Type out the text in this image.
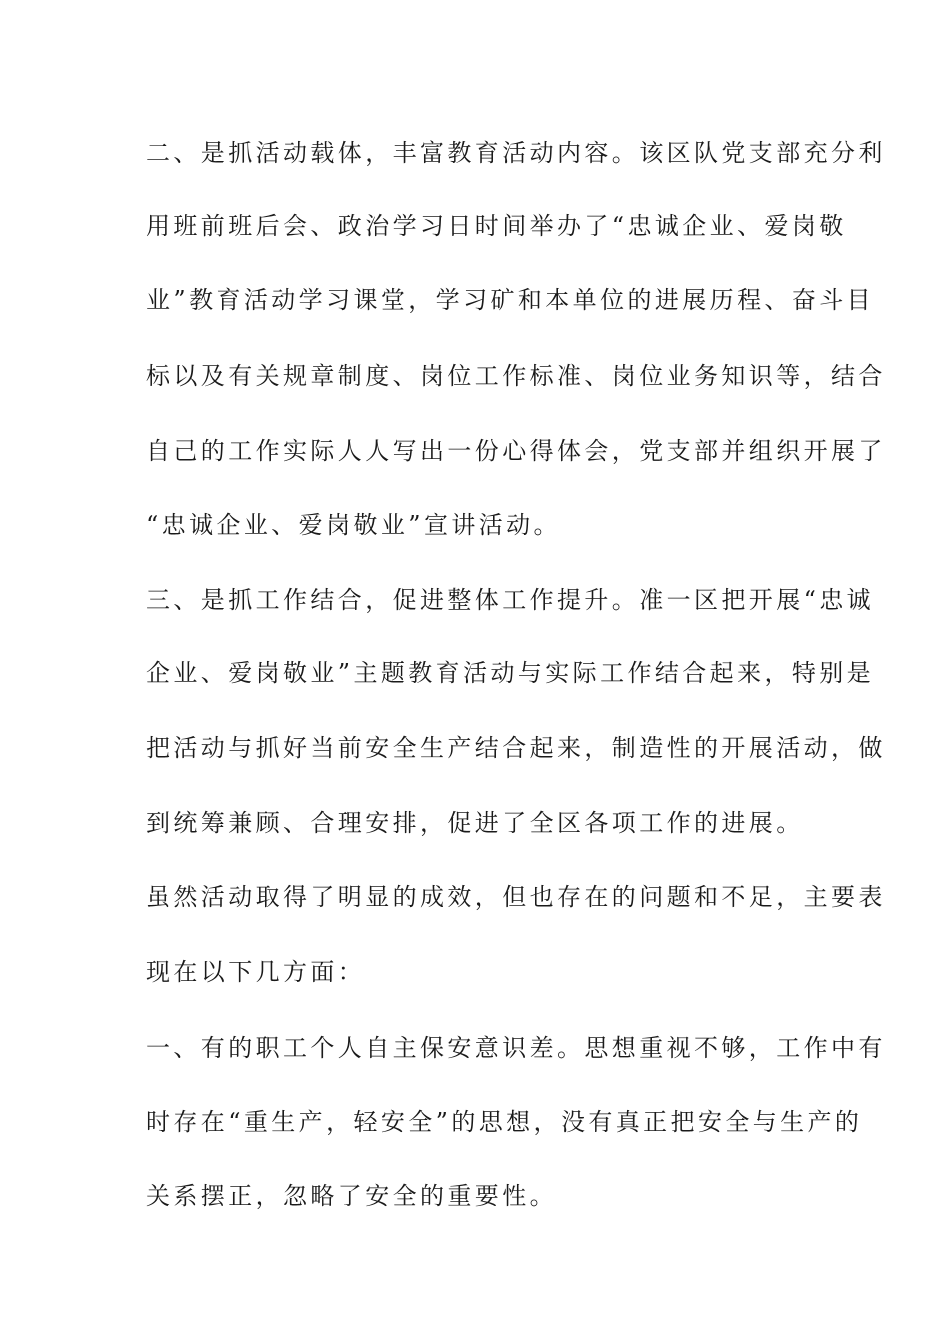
二、是抓活动载体，丰富教育活动内容。该区队党支部充分利
用班前班后会、政治学习日时间举办了“忠诚企业、爱岗敬
业”教育活动学习课堂，学习矿和本单位的进展历程、奋斗目
标以及有关规章制度、岗位工作标准、岗位业务知识等，结合
自己的工作实际人人写出一份心得体会，党支部并组织开展了
“忠诚企业、爱岗敬业”宣讲活动。
三、是抓工作结合，促进整体工作提升。准一区把开展“忠诚
企业、爱岗敬业”主题教育活动与实际工作结合起来，特别是
把活动与抓好当前安全生产结合起来，制造性的开展活动，做
到统筹兼顾、合理安排，促进了全区各项工作的进展。
虽然活动取得了明显的成效，但也存在的问题和不足，主要表
现在以下几方面：
一、有的职工个人自主保安意识差。思想重视不够，工作中有
时存在“重生产，轻安全”的思想，没有真正把安全与生产的
关系摆正，忽略了安全的重要性。
